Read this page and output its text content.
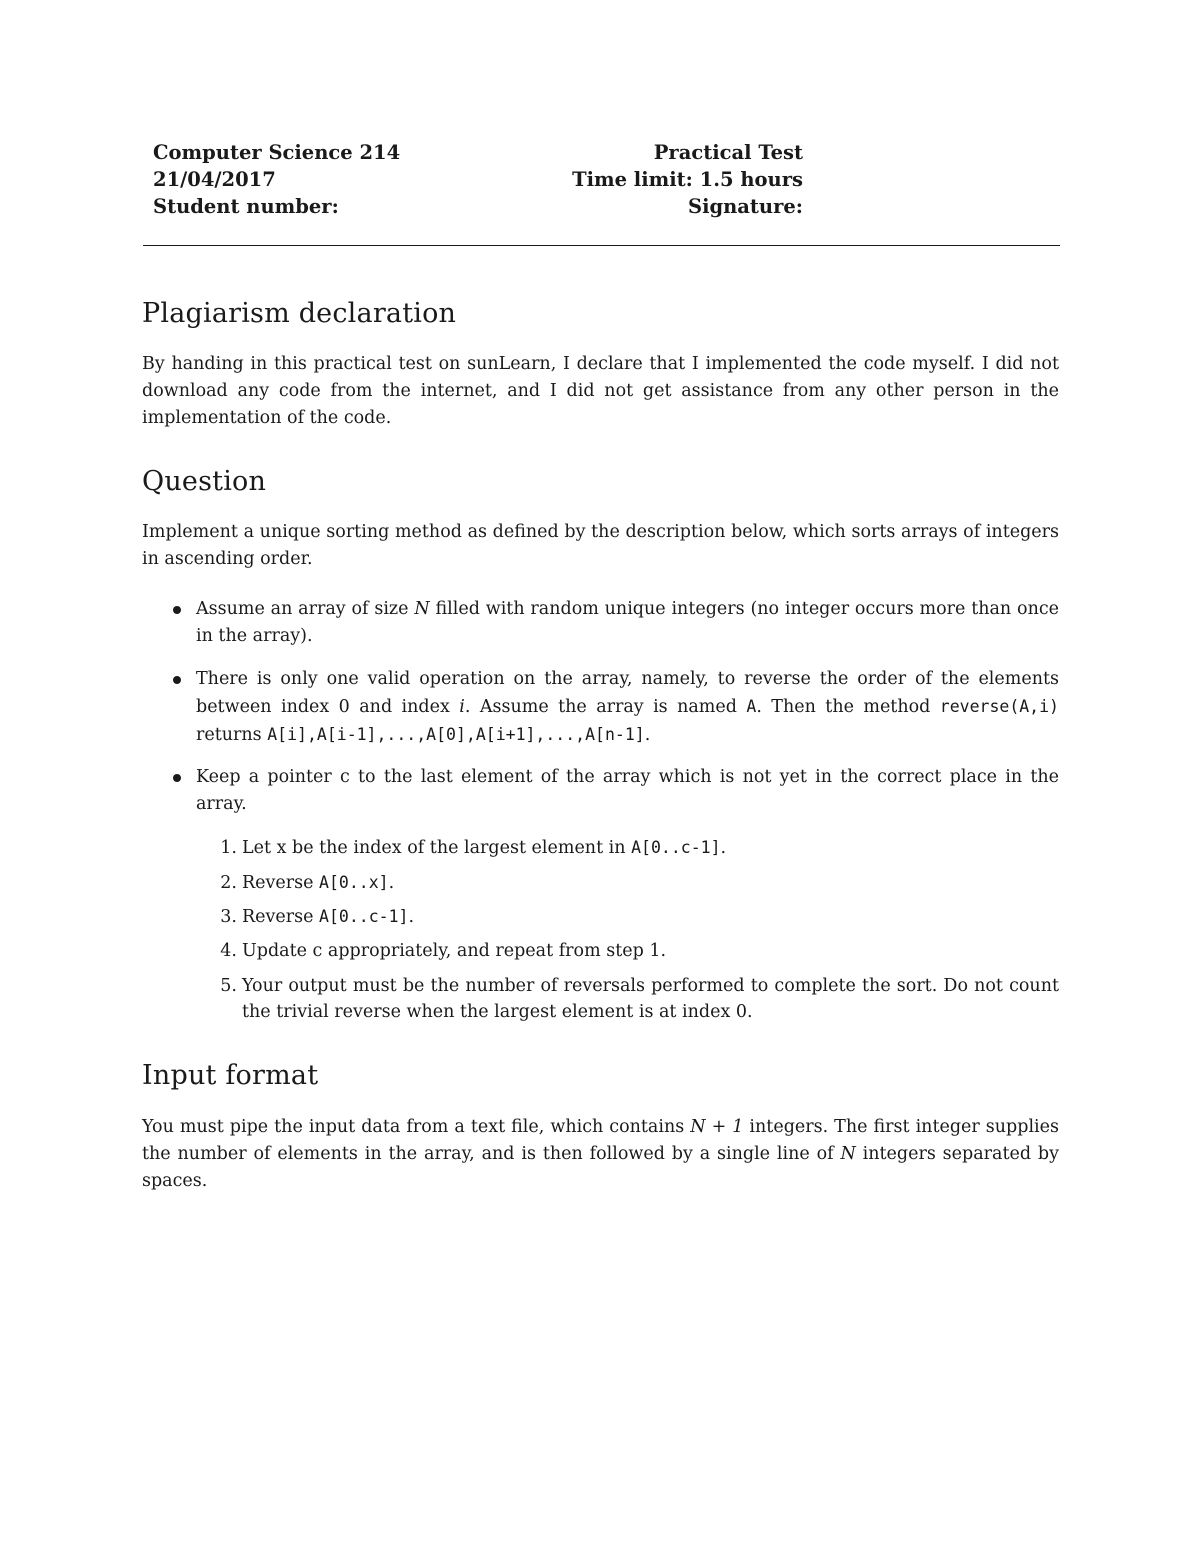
Computer Science 214	Practical Test
21/04/2017	Time limit: 1.5 hours
Student number:	Signature:
Plagiarism declaration

By handing in this practical test on sunLearn, I declare that I implemented the code myself. I did not download any code from the internet, and I did not get assistance from any other person in the implementation of the code.

Question

Implement a unique sorting method as defined by the description below, which sorts arrays of integers in ascending order.

Assume an array of size N filled with random unique integers (no integer occurs more than once in the array).
There is only one valid operation on the array, namely, to reverse the order of the elements between index 0 and index i. Assume the array is named A. Then the method reverse(A,i) returns A[i],A[i-1],...,A[0],A[i+1],...,A[n-1].
Keep a pointer c to the last element of the array which is not yet in the correct place in the array.
1. Let x be the index of the largest element in A[0..c-1].
2. Reverse A[0..x].
3. Reverse A[0..c-1].
4. Update c appropriately, and repeat from step 1.
5. Your output must be the number of reversals performed to complete the sort. Do not count the trivial reverse when the largest element is at index 0.
Input format

You must pipe the input data from a text file, which contains N + 1 integers. The first integer supplies the number of elements in the array, and is then followed by a single line of N integers separated by spaces.
